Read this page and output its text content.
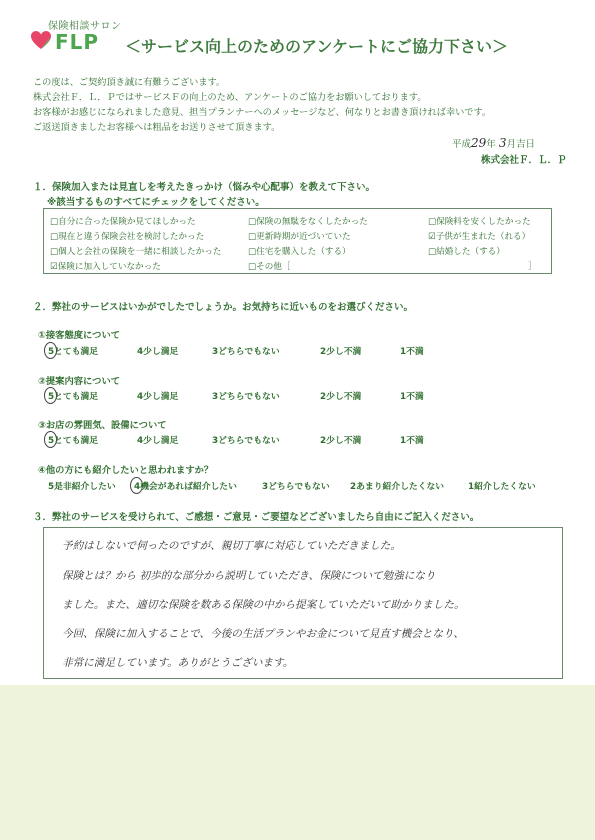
保険相談サロン
FLP ＜サービス向上のためのアンケートにご協力下さい＞
この度は、ご契約頂き誠に有難うございます。
株式会社Ｆ．Ｌ．ＰではサービスＦの向上のため、アンケートのご協力をお願いしております。
お客様がお感じになられました意見、担当プランナーへのメッセージなど、何なりとお書き頂ければ幸いです。
ご返送頂きましたお客様へは粗品をお送りさせて頂きます。
平成29年 3月吉日
株式会社Ｆ．Ｌ．Ｐ
１．保険加入または見直しを考えたきっかけ（悩みや心配事）を教えて下さい。
※該当するものすべてにチェックをしてください。
□自分に合った保険か見てほしかった	□保険の無駄をなくしたかった	□保険料を安くしたかった
□現在と違う保険会社を検討したかった	□更新時期が近づいていた	☑子供が生まれた（れる）
□個人と会社の保険を一緒に相談したかった	□住宅を購入した（する）	□結婚した（する）
☑保険に加入していなかった	□その他［	］
２．弊社のサービスはいかがでしたでしょうか。お気持ちに近いものをお選びください。
①接客態度について
5とても満足	4少し満足	3どちらでもない	2少し不満	1不満
②提案内容について
5とても満足	4少し満足	3どちらでもない	2少し不満	1不満
③お店の雰囲気、設備について
5とても満足	4少し満足	3どちらでもない	2少し不満	1不満
④他の方にも紹介したいと思われますか？
5是非紹介したい 4機会があれば紹介したい	3どちらでもない 2あまり紹介したくない	1紹介したくない
３．弊社のサービスを受けられて、ご感想・ご意見・ご要望などございましたら自由にご記入ください。
予約はしないで伺ったのですが、親切丁寧に対応していただきました。
保険とは？から 初歩的な部分から説明していただき、保険について勉強になり
ました。また、適切な保険を数ある保険の中から提案していただいて助かりました。
今回、保険に加入することで、今後の生活プランやお金について見直す機会となり、
非常に満足しています。ありがとうございます。
